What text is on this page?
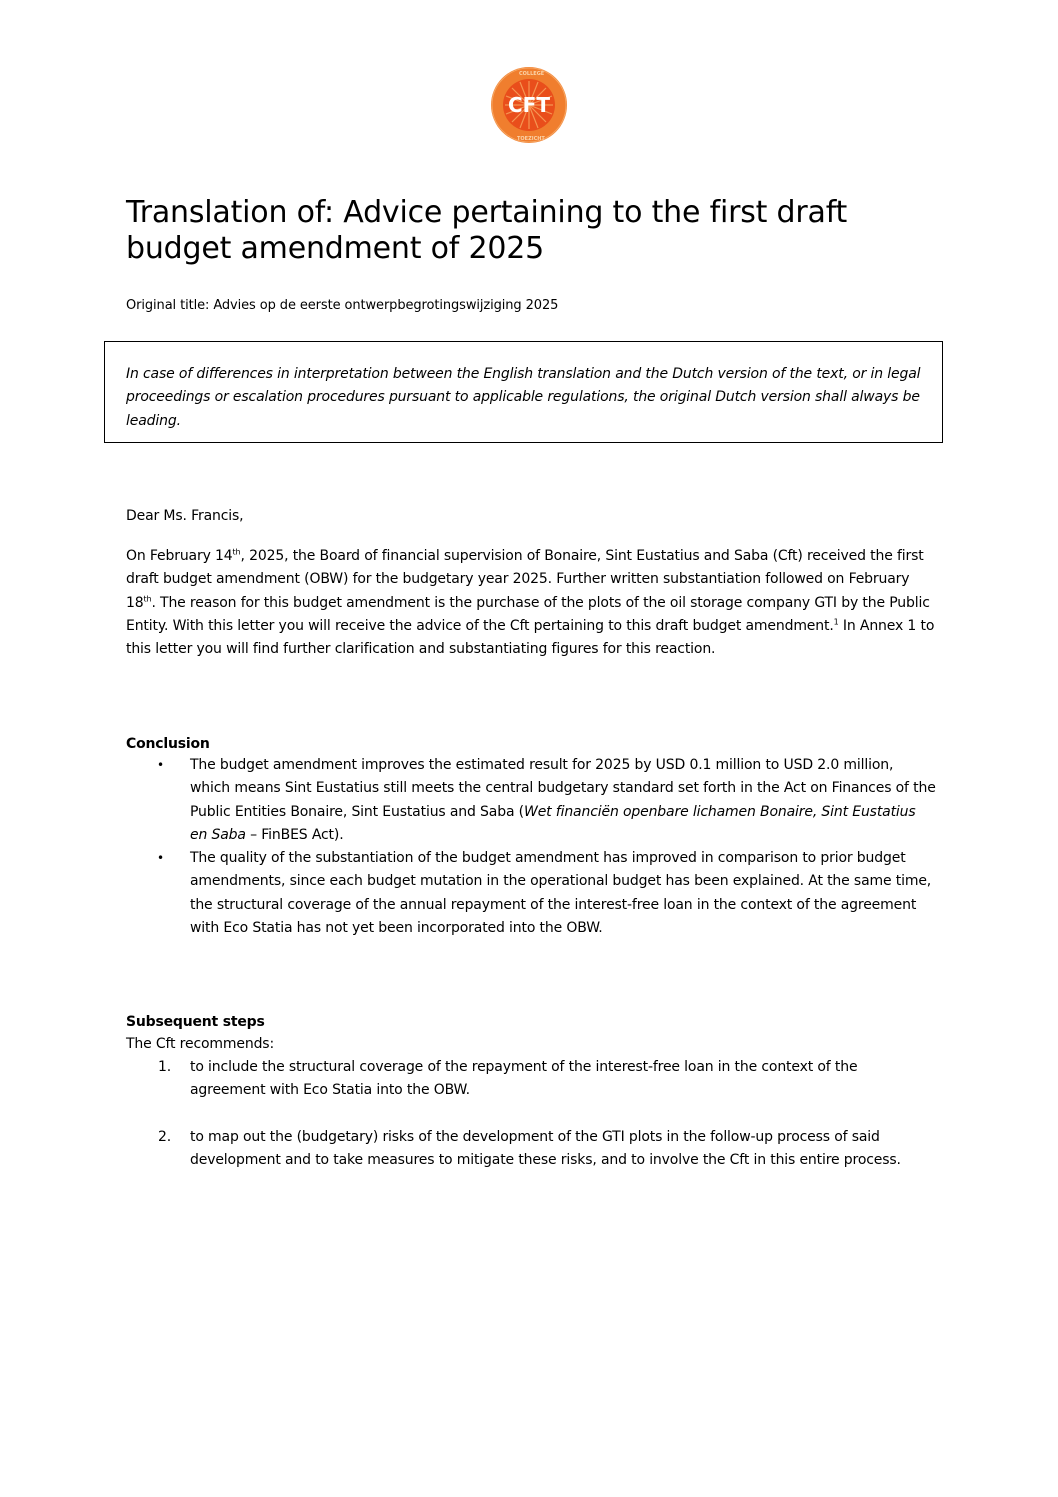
COLLEGE
TOEZICHT
CFT
Translation of: Advice pertaining to the first draft budget amendment of 2025
Original title: Advies op de eerste ontwerpbegrotingswijziging 2025

In case of differences in interpretation between the English translation and the Dutch version of the text, or in legal proceedings or escalation procedures pursuant to applicable regulations, the original Dutch version shall always be leading.

Dear Ms. Francis,
On February 14th, 2025, the Board of financial supervision of Bonaire, Sint Eustatius and Saba (Cft) received the first draft budget amendment (OBW) for the budgetary year 2025. Further written substantiation followed on February 18th. The reason for this budget amendment is the purchase of the plots of the oil storage company GTI by the Public Entity. With this letter you will receive the advice of the Cft pertaining to this draft budget amendment.$^1$ In Annex 1 to this letter you will find further clarification and substantiating figures for this reaction.
Conclusion
• The budget amendment improves the estimated result for 2025 by USD 0.1 million to USD 2.0 million, which means Sint Eustatius still meets the central budgetary standard set forth in the Act on Finances of the Public Entities Bonaire, Sint Eustatius and Saba (Wet financiën openbare lichamen Bonaire, Sint Eustatius en Saba – FinBES Act).
• The quality of the substantiation of the budget amendment has improved in comparison to prior budget amendments, since each budget mutation in the operational budget has been explained. At the same time, the structural coverage of the annual repayment of the interest-free loan in the context of the agreement with Eco Statia has not yet been incorporated into the OBW.
Subsequent steps
The Cft recommends:
1. to include the structural coverage of the repayment of the interest-free loan in the context of the agreement with Eco Statia into the OBW.
2. to map out the (budgetary) risks of the development of the GTI plots in the follow-up process of said development and to take measures to mitigate these risks, and to involve the Cft in this entire process.
